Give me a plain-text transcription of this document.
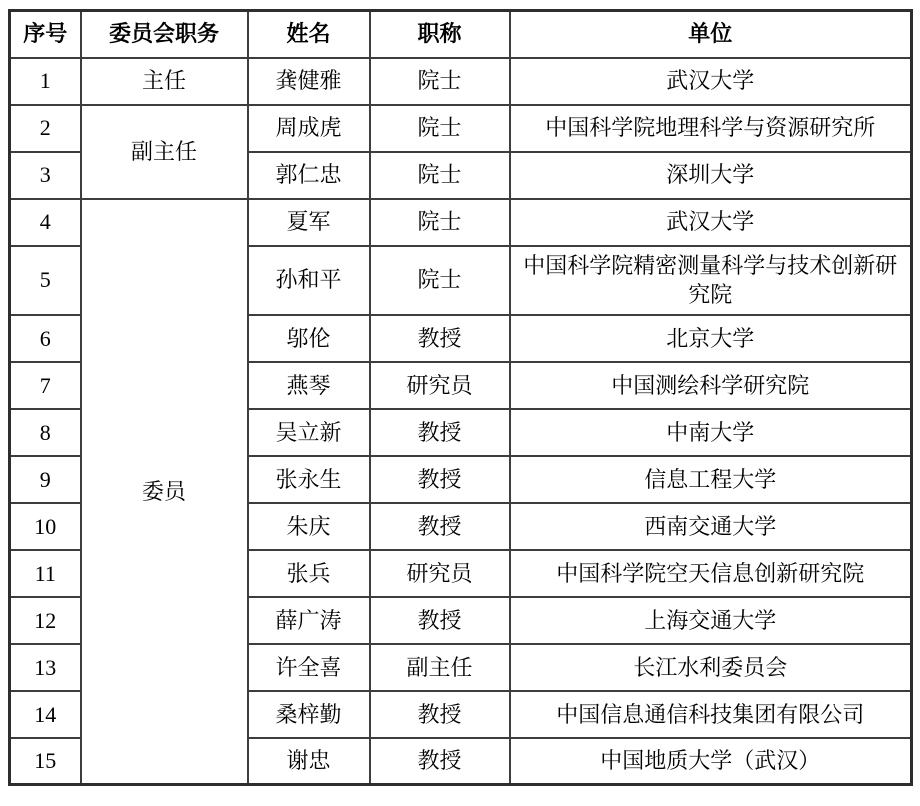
序号	委员会职务	姓名	职称	单位
1	主任	龚健雅	院士	武汉大学
2	副主任	周成虎	院士	中国科学院地理科学与资源研究所
3		郭仁忠	院士	深圳大学
4	委员	夏军	院士	武汉大学
5		孙和平	院士	中国科学院精密测量科学与技术创新研究院
6		邬伦	教授	北京大学
7		燕琴	研究员	中国测绘科学研究院
8		吴立新	教授	中南大学
9		张永生	教授	信息工程大学
10		朱庆	教授	西南交通大学
11		张兵	研究员	中国科学院空天信息创新研究院
12		薛广涛	教授	上海交通大学
13		许全喜	副主任	长江水利委员会
14		桑梓勤	教授	中国信息通信科技集团有限公司
15		谢忠	教授	中国地质大学（武汉）
